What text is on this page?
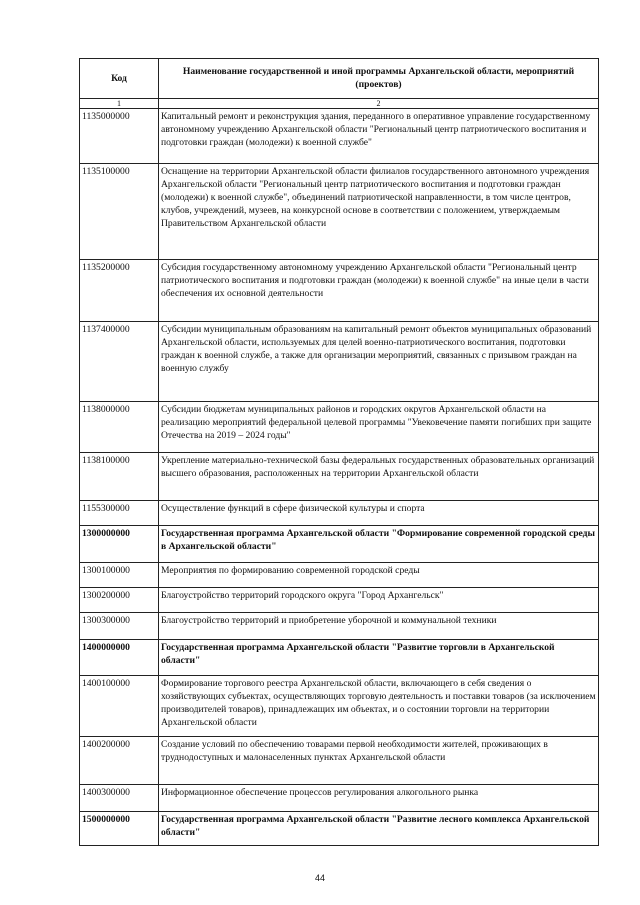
Код	Наименование государственной и иной программы Архангельской области, мероприятий (проектов)
1	2
1135000000	Капитальный ремонт и реконструкция здания, переданного в оперативное управление государственному автономному учреждению Архангельской области "Региональный центр патриотического воспитания и подготовки граждан (молодежи) к военной службе"
1135100000	Оснащение на территории Архангельской области филиалов государственного автономного учреждения Архангельской области "Региональный центр патриотического воспитания и подготовки граждан (молодежи) к военной службе", объединений патриотической направленности, в том числе центров, клубов, учреждений, музеев, на конкурсной основе в соответствии с положением, утверждаемым Правительством Архангельской области
1135200000	Субсидия государственному автономному учреждению Архангельской области "Региональный центр патриотического воспитания и подготовки граждан (молодежи) к военной службе" на иные цели в части обеспечения их основной деятельности
1137400000	Субсидии муниципальным образованиям на капитальный ремонт объектов муниципальных образований Архангельской области, используемых для целей военно-патриотического воспитания, подготовки граждан к военной службе, а также для организации мероприятий, связанных с призывом граждан на военную службу
1138000000	Субсидии бюджетам муниципальных районов и городских округов Архангельской области на реализацию мероприятий федеральной целевой программы "Увековечение памяти погибших при защите Отечества на 2019 – 2024 годы"
1138100000	Укрепление материально-технической базы федеральных государственных образовательных организаций высшего образования, расположенных на территории Архангельской области
1155300000	Осуществление функций в сфере физической культуры и спорта
1300000000	Государственная программа Архангельской области "Формирование современной городской среды в Архангельской области"
1300100000	Мероприятия по формированию современной городской среды
1300200000	Благоустройство территорий городского округа "Город Архангельск"
1300300000	Благоустройство территорий и приобретение уборочной и коммунальной техники
1400000000	Государственная программа Архангельской области "Развитие торговли в Архангельской области"
1400100000	Формирование торгового реестра Архангельской области, включающего в себя сведения о хозяйствующих субъектах, осуществляющих торговую деятельность и поставки товаров (за исключением производителей товаров), принадлежащих им объектах, и о состоянии торговли на территории Архангельской области
1400200000	Создание условий по обеспечению товарами первой необходимости жителей, проживающих в труднодоступных и малонаселенных пунктах Архангельской области
1400300000	Информационное обеспечение процессов регулирования алкогольного рынка
1500000000	Государственная программа Архангельской области "Развитие лесного комплекса Архангельской области"
44
